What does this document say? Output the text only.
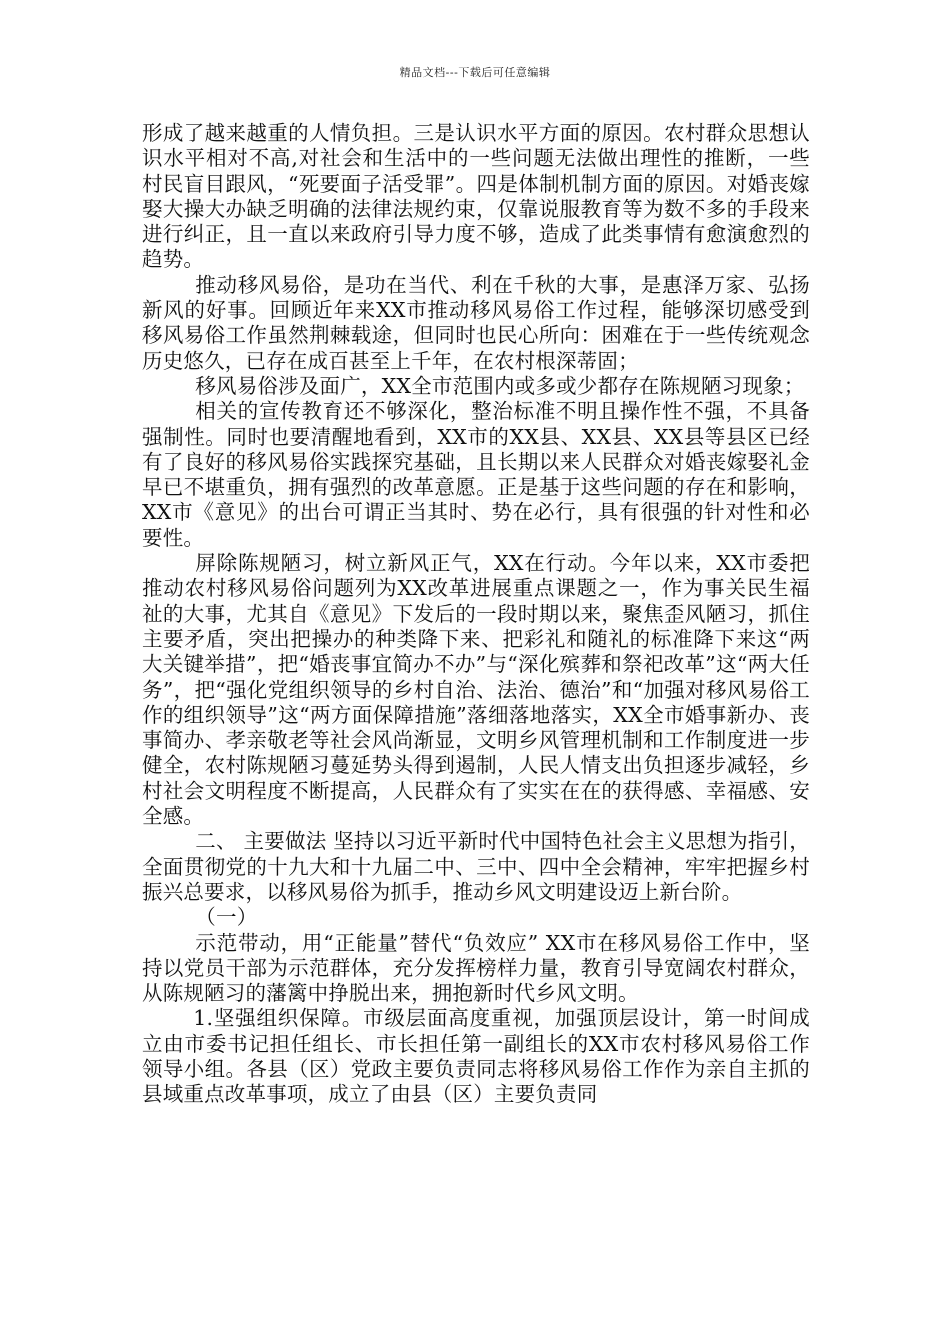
精品文档---下载后可任意编辑

形成了越来越重的人情负担。三是认识水平方面的原因。农村群众思想认识水平相对不高,对社会和生活中的一些问题无法做出理性的推断，一些村民盲目跟风，“死要面子活受罪”。四是体制机制方面的原因。对婚丧嫁娶大操大办缺乏明确的法律法规约束，仅靠说服教育等为数不多的手段来进行纠正，且一直以来政府引导力度不够，造成了此类事情有愈演愈烈的趋势。

推动移风易俗，是功在当代、利在千秋的大事，是惠泽万家、弘扬新风的好事。回顾近年来XX市推动移风易俗工作过程，能够深切感受到移风易俗工作虽然荆棘载途，但同时也民心所向：困难在于一些传统观念历史悠久，已存在成百甚至上千年，在农村根深蒂固；

移风易俗涉及面广，XX全市范围内或多或少都存在陈规陋习现象；

相关的宣传教育还不够深化，整治标准不明且操作性不强，不具备强制性。同时也要清醒地看到，XX市的XX县、XX县、XX县等县区已经有了良好的移风易俗实践探究基础，且长期以来人民群众对婚丧嫁娶礼金早已不堪重负，拥有强烈的改革意愿。正是基于这些问题的存在和影响，XX市《意见》的出台可谓正当其时、势在必行，具有很强的针对性和必要性。

屏除陈规陋习，树立新风正气，XX在行动。今年以来，XX市委把推动农村移风易俗问题列为XX改革进展重点课题之一，作为事关民生福祉的大事，尤其自《意见》下发后的一段时期以来，聚焦歪风陋习，抓住主要矛盾，突出把操办的种类降下来、把彩礼和随礼的标准降下来这“两大关键举措”，把“婚丧事宜简办不办”与“深化殡葬和祭祀改革”这“两大任务”，把“强化党组织领导的乡村自治、法治、德治”和“加强对移风易俗工作的组织领导”这“两方面保障措施”落细落地落实，XX全市婚事新办、丧事简办、孝亲敬老等社会风尚渐显，文明乡风管理机制和工作制度进一步健全，农村陈规陋习蔓延势头得到遏制，人民人情支出负担逐步减轻，乡村社会文明程度不断提高，人民群众有了实实在在的获得感、幸福感、安全感。

二、 主要做法 坚持以习近平新时代中国特色社会主义思想为指引，全面贯彻党的十九大和十九届二中、三中、四中全会精神，牢牢把握乡村振兴总要求，以移风易俗为抓手，推动乡风文明建设迈上新台阶。

（一）

示范带动，用“正能量”替代“负效应” XX市在移风易俗工作中，坚持以党员干部为示范群体，充分发挥榜样力量，教育引导宽阔农村群众，从陈规陋习的藩篱中挣脱出来，拥抱新时代乡风文明。

1.坚强组织保障。市级层面高度重视，加强顶层设计，第一时间成立由市委书记担任组长、市长担任第一副组长的XX市农村移风易俗工作领导小组。各县（区）党政主要负责同志将移风易俗工作作为亲自主抓的县域重点改革事项，成立了由县（区）主要负责同
